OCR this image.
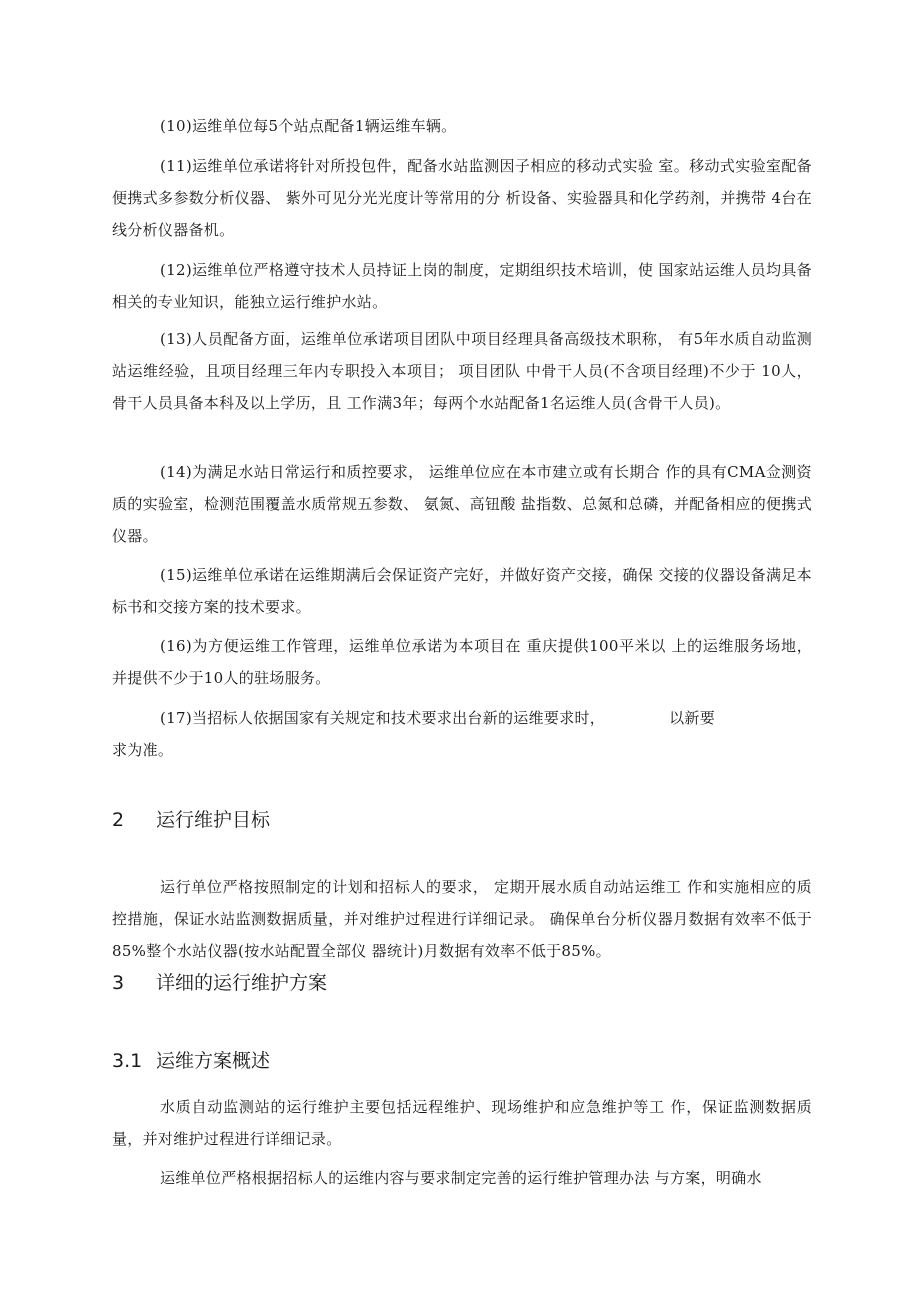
(10)运维单位每5个站点配备1辆运维车辆。

(11)运维单位承诺将针对所投包件，配备水站监测因子相应的移动式实验 室。移动式实验室配备便携式多参数分析仪器、 紫外可见分光光度计等常用的分 析设备、实验器具和化学药剂，并携带 4台在线分析仪器备机。

(12)运维单位严格遵守技术人员持证上岗的制度，定期组织技术培训，使 国家站运维人员均具备相关的专业知识，能独立运行维护水站。

(13)人员配备方面，运维单位承诺项目团队中项目经理具备高级技术职称， 有5年水质自动监测站运维经验，且项目经理三年内专职投入本项目； 项目团队 中骨干人员(不含项目经理)不少于 10人，骨干人员具备本科及以上学历，且 工作满3年；每两个水站配备1名运维人员(含骨干人员)。

(14)为满足水站日常运行和质控要求， 运维单位应在本市建立或有长期合 作的具有CMA佥测资质的实验室，检测范围覆盖水质常规五参数、 氨氮、高钮酸 盐指数、总氮和总磷，并配备相应的便携式仪器。

(15)运维单位承诺在运维期满后会保证资产完好，并做好资产交接，确保 交接的仪器设备满足本标书和交接方案的技术要求。

(16)为方便运维工作管理，运维单位承诺为本项目在 重庆提供100平米以 上的运维服务场地，并提供不少于10人的驻场服务。

(17)当招标人依据国家有关规定和技术要求出台新的运维要求时，	以新要
求为准。

2 运行维护目标

运行单位严格按照制定的计划和招标人的要求， 定期开展水质自动站运维工 作和实施相应的质控措施，保证水站监测数据质量，并对维护过程进行详细记录。 确保单台分析仪器月数据有效率不低于 85%整个水站仪器(按水站配置全部仪 器统计)月数据有效率不低于85%。

3 详细的运行维护方案
3.1 运维方案概述

水质自动监测站的运行维护主要包括远程维护、现场维护和应急维护等工 作，保证监测数据质量，并对维护过程进行详细记录。

运维单位严格根据招标人的运维内容与要求制定完善的运行维护管理办法 与方案，明确水
